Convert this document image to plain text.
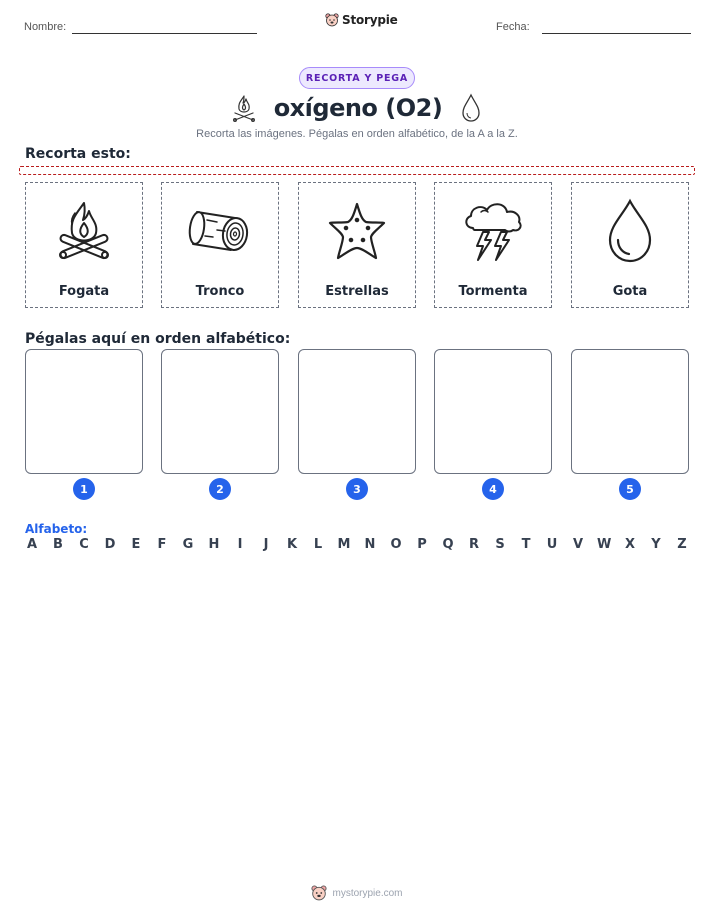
Nombre:	Storypie	Fecha:
RECORTA Y PEGA
oxígeno (O2)
Recorta las imágenes. Pégalas en orden alfabético, de la A a la Z.
Recorta esto:
Fogata	Tronco	Estrellas	Tormenta	Gota
Pégalas aquí en orden alfabético:
1	2	3	4	5
Alfabeto:
A B C D E F G H	I	J	K L M N O P Q R S T U V W X Y Z
mystorypie.com
